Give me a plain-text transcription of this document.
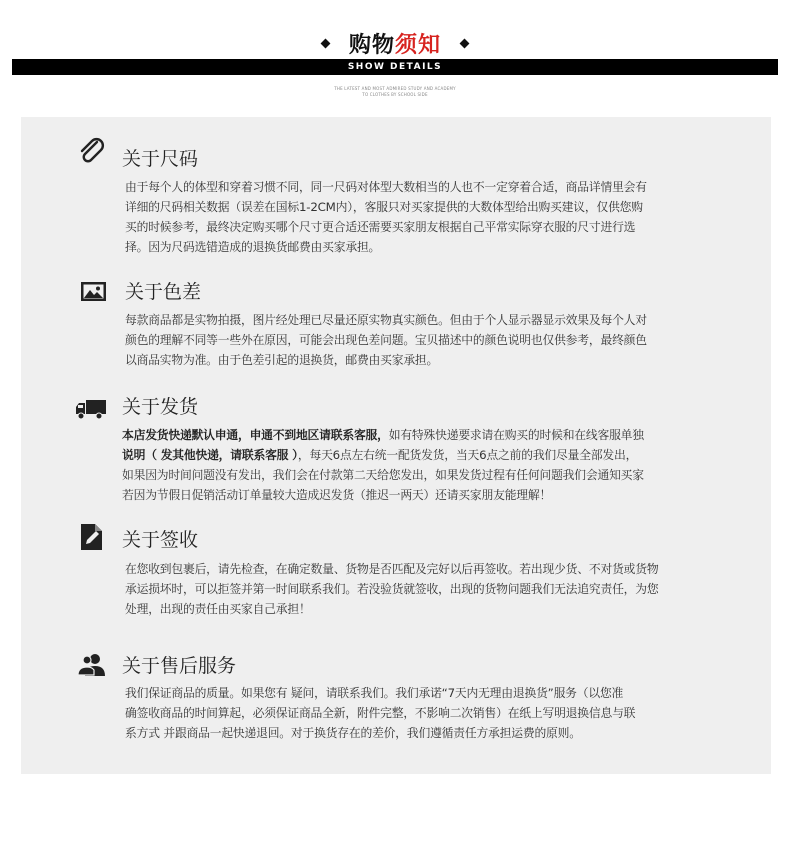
购物须知
SHOW DETAILS
THE LATEST AND MOST ADMIRED STUDY AND ACADEMY
TO CLOTHES BY SCHOOL SIDE
关于尺码

由于每个人的体型和穿着习惯不同，同一尺码对体型大数相当的人也不一定穿着合适，商品详情里会有

详细的尺码相关数据（误差在国标1-2CM内），客服只对买家提供的大数体型给出购买建议，仅供您购

买的时候参考，最终决定购买哪个尺寸更合适还需要买家朋友根据自己平常实际穿衣服的尺寸进行选

择。因为尺码选错造成的退换货邮费由买家承担。

关于色差

每款商品都是实物拍摄，图片经处理已尽量还原实物真实颜色。但由于个人显示器显示效果及每个人对

颜色的理解不同等一些外在原因，可能会出现色差问题。宝贝描述中的颜色说明也仅供参考，最终颜色

以商品实物为准。由于色差引起的退换货，邮费由买家承担。

关于发货

本店发货快递默认申通，申通不到地区请联系客服，如有特殊快递要求请在购买的时候和在线客服单独

说明（ 发其他快递，请联系客服 ），每天6点左右统一配货发货，当天6点之前的我们尽量全部发出，

如果因为时间问题没有发出，我们会在付款第二天给您发出，如果发货过程有任何问题我们会通知买家

若因为节假日促销活动订单量较大造成迟发货（推迟一两天）还请买家朋友能理解！

关于签收

在您收到包裹后，请先检查，在确定数量、货物是否匹配及完好以后再签收。若出现少货、不对货或货物

承运损坏时，可以拒签并第一时间联系我们。若没验货就签收，出现的货物问题我们无法追究责任，为您

处理，出现的责任由买家自己承担！

关于售后服务

我们保证商品的质量。如果您有 疑问，请联系我们。我们承诺“7天内无理由退换货”服务（以您准

确签收商品的时间算起，必须保证商品全新，附件完整，不影响二次销售）在纸上写明退换信息与联

系方式 并跟商品一起快递退回。对于换货存在的差价，我们遵循责任方承担运费的原则。
